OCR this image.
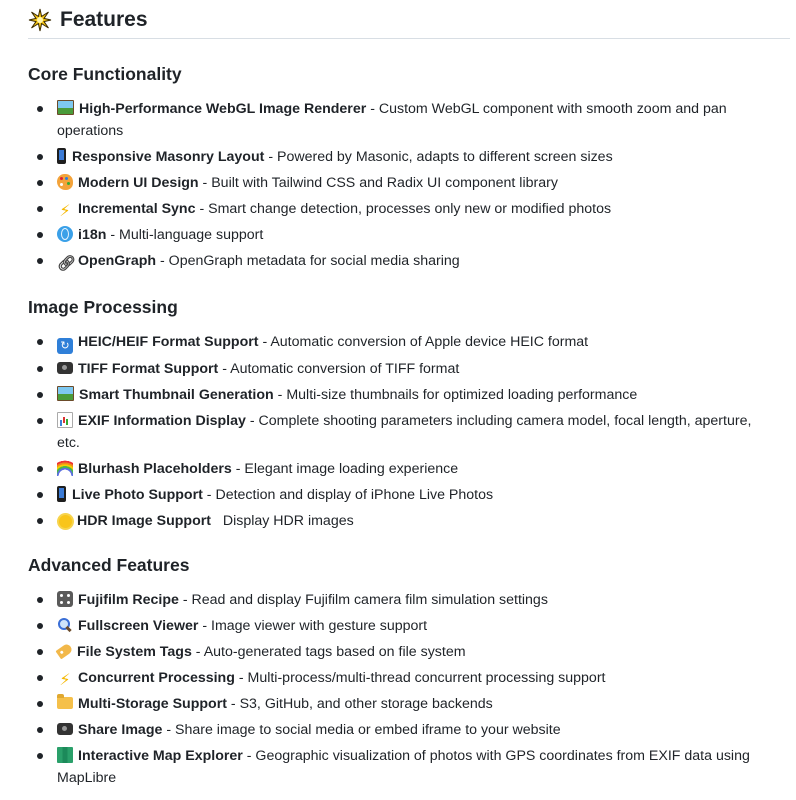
Features
Core Functionality
High-Performance WebGL Image Renderer - Custom WebGL component with smooth zoom and pan operations
Responsive Masonry Layout - Powered by Masonic, adapts to different screen sizes
Modern UI Design - Built with Tailwind CSS and Radix UI component library
⚡ Incremental Sync - Smart change detection, processes only new or modified photos
i18n - Multi-language support
🔗︎ OpenGraph - OpenGraph metadata for social media sharing
Image Processing
↻ HEIC/HEIF Format Support - Automatic conversion of Apple device HEIC format
TIFF Format Support - Automatic conversion of TIFF format
Smart Thumbnail Generation - Multi-size thumbnails for optimized loading performance
EXIF Information Display - Complete shooting parameters including camera model, focal length, aperture, etc.
Blurhash Placeholders - Elegant image loading experience
Live Photo Support - Detection and display of iPhone Live Photos
HDR Image Support Display HDR images
Advanced Features
Fujifilm Recipe - Read and display Fujifilm camera film simulation settings
Fullscreen Viewer - Image viewer with gesture support
File System Tags - Auto-generated tags based on file system
⚡ Concurrent Processing - Multi-process/multi-thread concurrent processing support
Multi-Storage Support - S3, GitHub, and other storage backends
Share Image - Share image to social media or embed iframe to your website
Interactive Map Explorer - Geographic visualization of photos with GPS coordinates from EXIF data using MapLibre
